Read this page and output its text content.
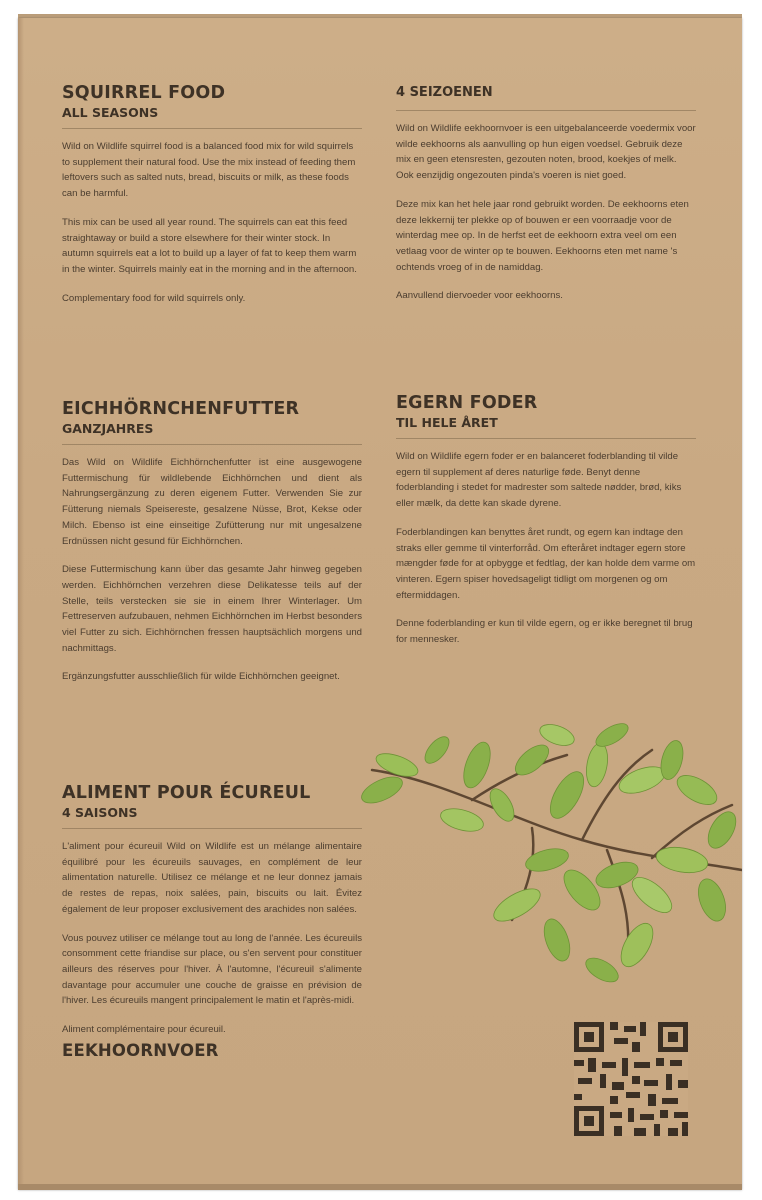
SQUIRREL FOOD
ALL SEASONS

Wild on Wildlife squirrel food is a balanced food mix for wild squirrels to supplement their natural food. Use the mix instead of feeding them leftovers such as salted nuts, bread, biscuits or milk, as these foods can be harmful.

This mix can be used all year round. The squirrels can eat this feed straightaway or build a store elsewhere for their winter stock. In autumn squirrels eat a lot to build up a layer of fat to keep them warm in the winter. Squirrels mainly eat in the morning and in the afternoon.

Complementary food for wild squirrels only.

EICHHÖRNCHENFUTTER
GANZJAHRES

Das Wild on Wildlife Eichhörnchenfutter ist eine ausgewogene Futtermischung für wildlebende Eichhörnchen und dient als Nahrungsergänzung zu deren eigenem Futter. Verwenden Sie zur Fütterung niemals Speisereste, gesalzene Nüsse, Brot, Kekse oder Milch. Ebenso ist eine einseitige Zufütterung nur mit ungesalzene Erdnüssen nicht gesund für Eichhörnchen.

Diese Futtermischung kann über das gesamte Jahr hinweg gegeben werden. Eichhörnchen verzehren diese Delikatesse teils auf der Stelle, teils verstecken sie sie in einem Ihrer Winterlager. Um Fettreserven aufzubauen, nehmen Eichhörnchen im Herbst besonders viel Futter zu sich. Eichhörnchen fressen hauptsächlich morgens und nachmittags.

Ergänzungsfutter ausschließlich für wilde Eichhörnchen geeignet.

ALIMENT POUR ÉCUREUL
4 SAISONS

L'aliment pour écureuil Wild on Wildlife est un mélange alimentaire équilibré pour les écureuils sauvages, en complément de leur alimentation naturelle. Utilisez ce mélange et ne leur donnez jamais de restes de repas, noix salées, pain, biscuits ou lait. Évitez également de leur proposer exclusivement des arachides non salées.

Vous pouvez utiliser ce mélange tout au long de l'année. Les écureuils consomment cette friandise sur place, ou s'en servent pour constituer ailleurs des réserves pour l'hiver. À l'automne, l'écureuil s'alimente davantage pour accumuler une couche de graisse en prévision de l'hiver. Les écureuils mangent principalement le matin et l'après-midi.

Aliment complémentaire pour écureuil.

EEKHOORNVOER
4 SEIZOENEN

Wild on Wildlife eekhoornvoer is een uitgebalanceerde voedermix voor wilde eekhoorns als aanvulling op hun eigen voedsel. Gebruik deze mix en geen etensresten, gezouten noten, brood, koekjes of melk. Ook eenzijdig ongezouten pinda's voeren is niet goed.

Deze mix kan het hele jaar rond gebruikt worden. De eekhoorns eten deze lekkernij ter plekke op of bouwen er een voorraadje voor de winterdag mee op. In de herfst eet de eekhoorn extra veel om een vetlaag voor de winter op te bouwen. Eekhoorns eten met name 's ochtends vroeg of in de namiddag.

Aanvullend diervoeder voor eekhoorns.

EGERN FODER
TIL HELE ÅRET

Wild on Wildlife egern foder er en balanceret foderblanding til vilde egern til supplement af deres naturlige føde. Benyt denne foderblanding i stedet for madrester som saltede nødder, brød, kiks eller mælk, da dette kan skade dyrene.

Foderblandingen kan benyttes året rundt, og egern kan indtage den straks eller gemme til vinterforråd. Om efteråret indtager egern store mængder føde for at opbygge et fedtlag, der kan holde dem varme om vinteren. Egern spiser hovedsageligt tidligt om morgenen og om eftermiddagen.

Denne foderblanding er kun til vilde egern, og er ikke beregnet til brug for mennesker.
